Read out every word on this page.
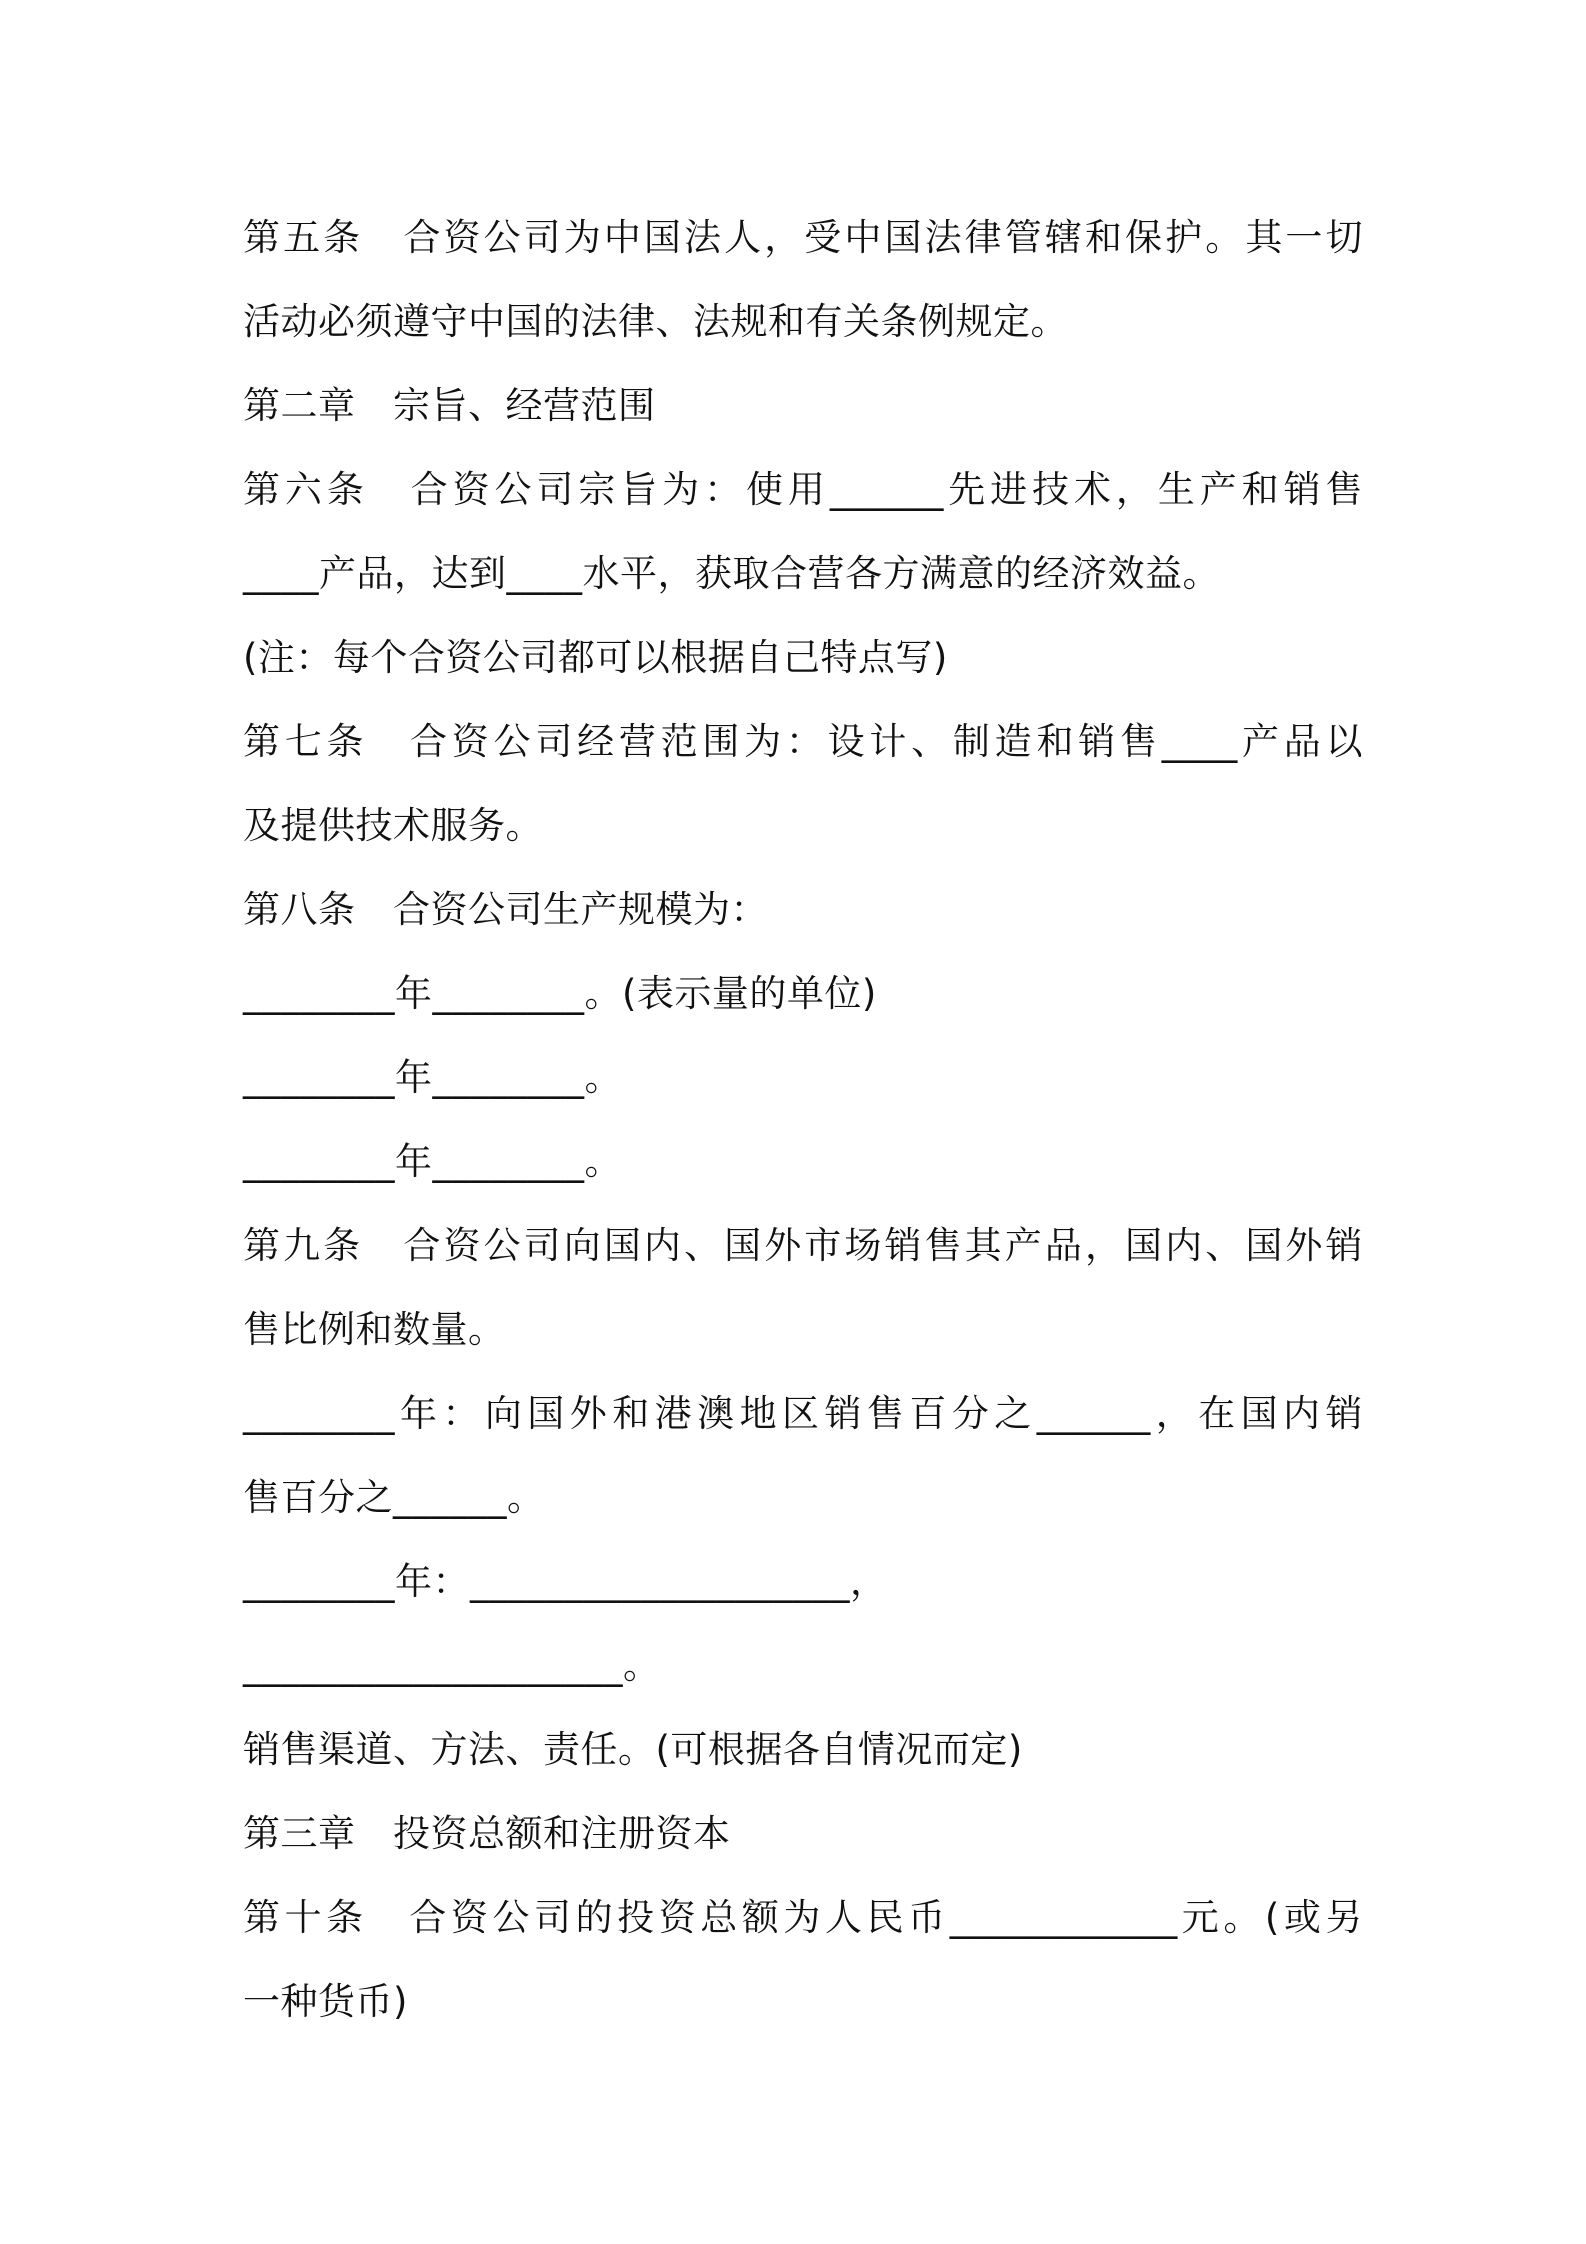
第五条　合资公司为中国法人，受中国法律管辖和保护。其一切
活动必须遵守中国的法律、法规和有关条例规定。
第二章　宗旨、经营范围
第六条　合资公司宗旨为：使用______先进技术，生产和销售
____产品，达到____水平，获取合营各方满意的经济效益。
(注：每个合资公司都可以根据自己特点写)
第七条　合资公司经营范围为：设计、制造和销售____产品以
及提供技术服务。
第八条　合资公司生产规模为：
________年________。(表示量的单位)
________年________。
________年________。
第九条　合资公司向国内、国外市场销售其产品，国内、国外销
售比例和数量。
________年：向国外和港澳地区销售百分之______，在国内销
售百分之______。
________年：____________________，
____________________。
销售渠道、方法、责任。(可根据各自情况而定)
第三章　投资总额和注册资本
第十条　合资公司的投资总额为人民币____________元。(或另
一种货币)
